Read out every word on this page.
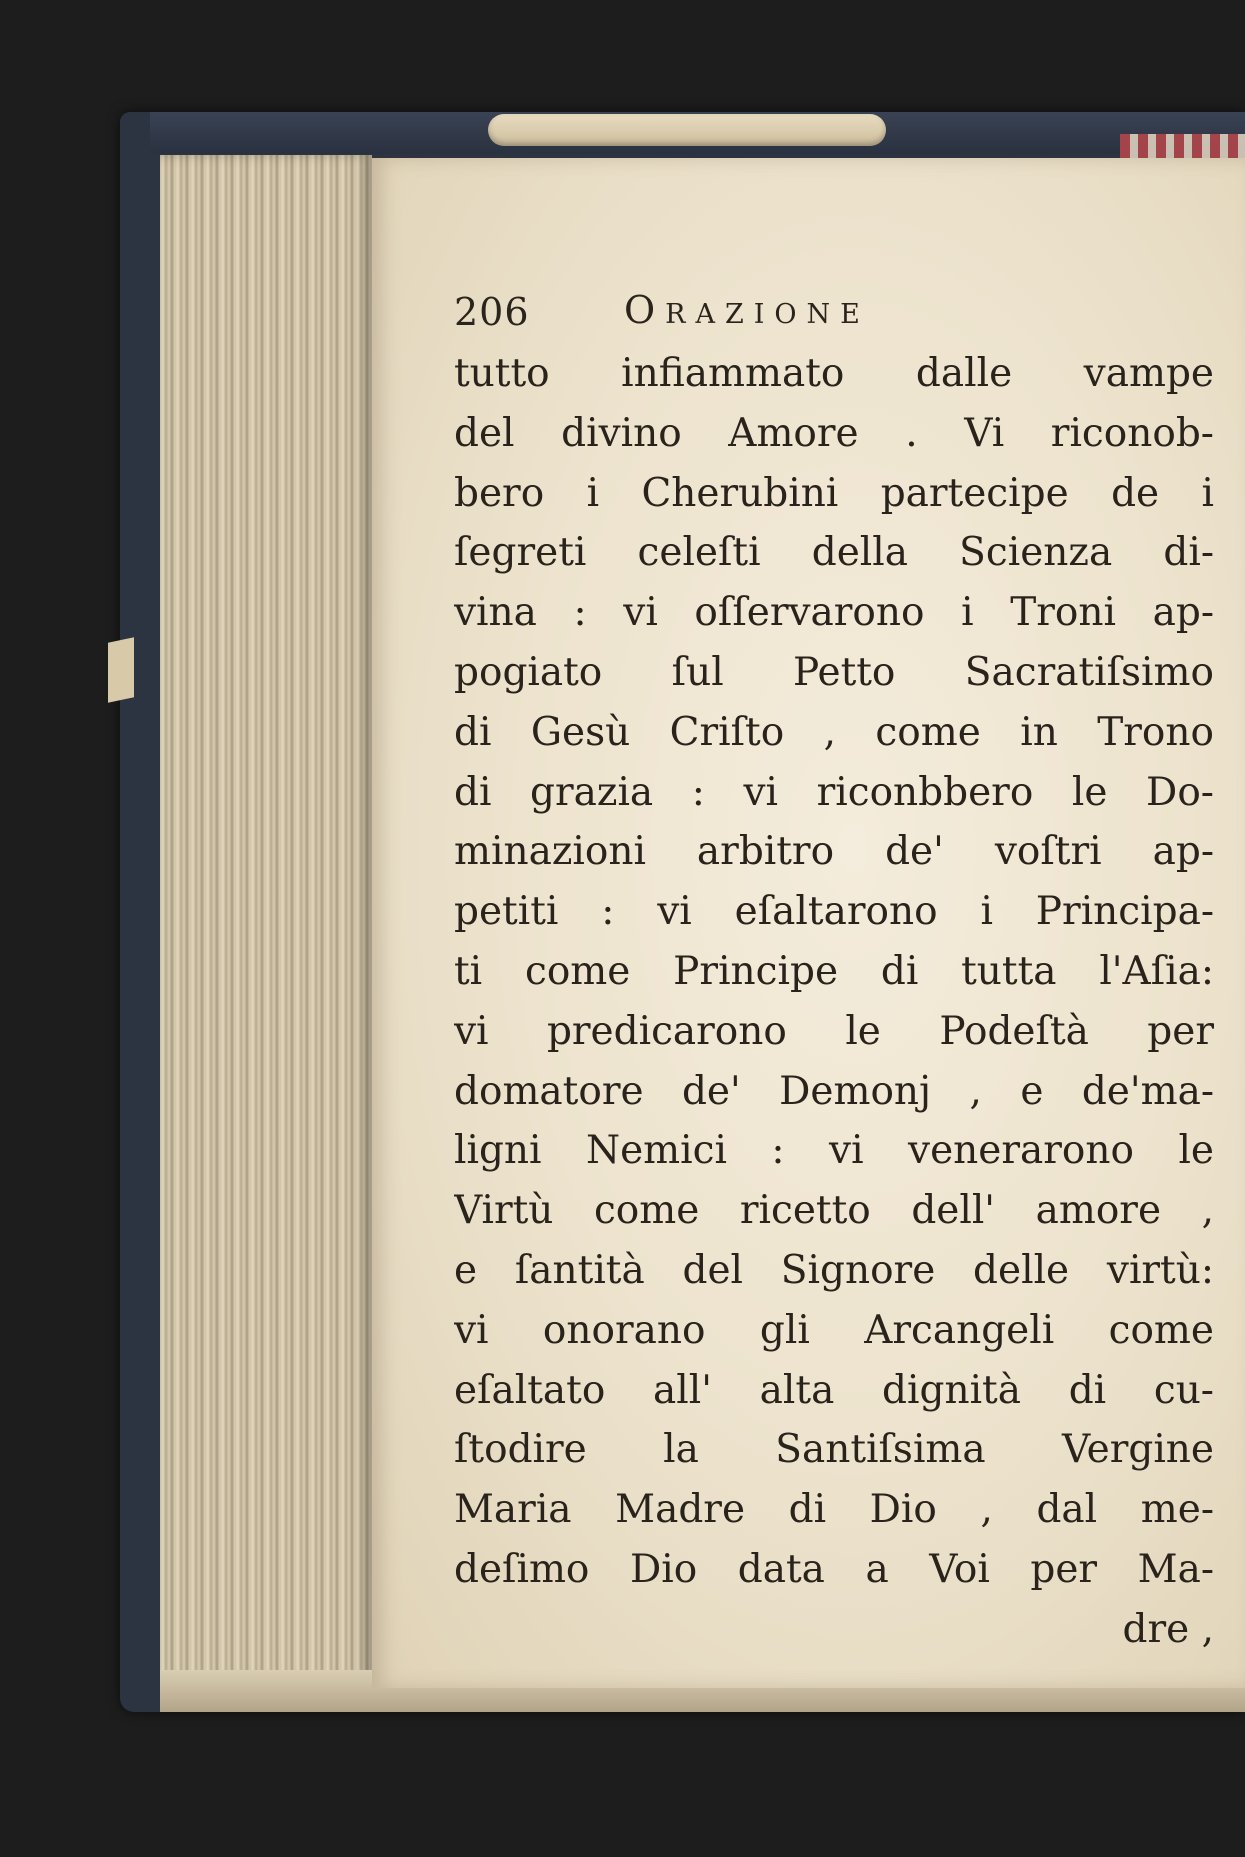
206 Orazione
tutto infiammato dalle vampe
del divino Amore . Vi riconob-
bero i Cherubini partecipe de i
ſegreti celeſti della Scienza di-
vina : vi oſſervarono i Troni ap-
pogiato ſul Petto Sacratiſsimo
di Gesù Criſto , come in Trono
di grazia : vi riconbbero le Do-
minazioni arbitro de' voſtri ap-
petiti : vi eſaltarono i Principa-
ti come Principe di tutta l'Aſia:
vi predicarono le Podeſtà per
domatore de' Demonj , e de'ma-
ligni Nemici : vi venerarono le
Virtù come ricetto dell' amore ,
e ſantità del Signore delle virtù:
vi onorano gli Arcangeli come
eſaltato all' alta dignità di cu-
ſtodire la Santiſsima Vergine
Maria Madre di Dio , dal me-
deſimo Dio data a Voi per Ma-
dre ,
